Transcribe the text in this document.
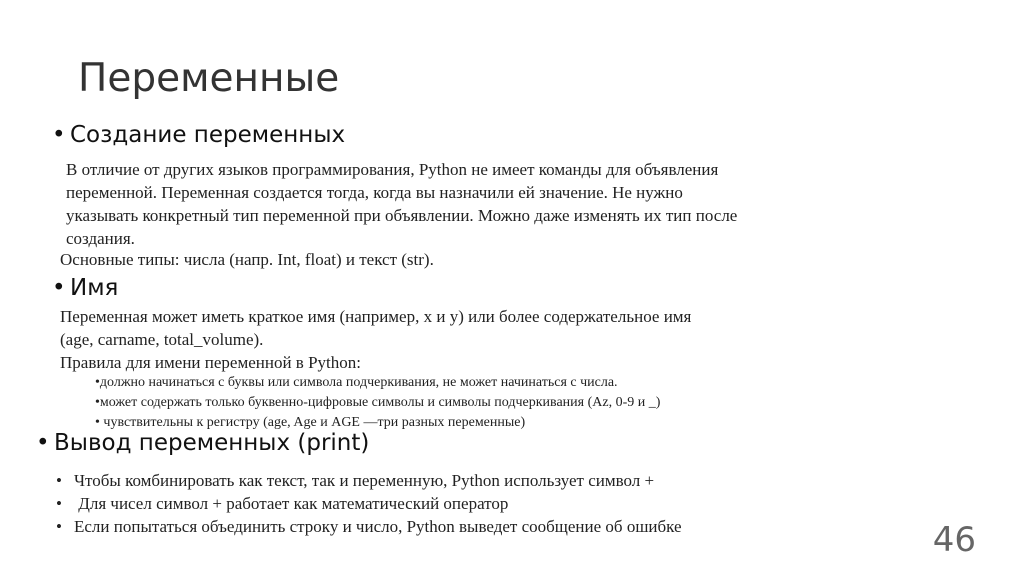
Переменные
• Создание переменных
В отличие от других языков программирования, Python не имеет команды для объявления
переменной. Переменная создается тогда, когда вы назначили ей значение. Не нужно
указывать конкретный тип переменной при объявлении. Можно даже изменять их тип после
создания.
Основные типы: числа (напр. Int, float) и текст (str).
• Имя
Переменная может иметь краткое имя (например, x и y) или более содержательное имя
(age, carname, total_volume).
Правила для имени переменной в Python:
•должно начинаться с буквы или символа подчеркивания, не может начинаться с числа.
•может содержать только буквенно-цифровые символы и символы подчеркивания (Az, 0-9 и _)
• чувствительны к регистру (age, Age и AGE —три разных переменные)
• Вывод переменных (print)
• Чтобы комбинировать как текст, так и переменную, Python использует символ +
• Для чисел символ + работает как математический оператор
• Если попытаться объединить строку и число, Python выведет сообщение об ошибке	46
